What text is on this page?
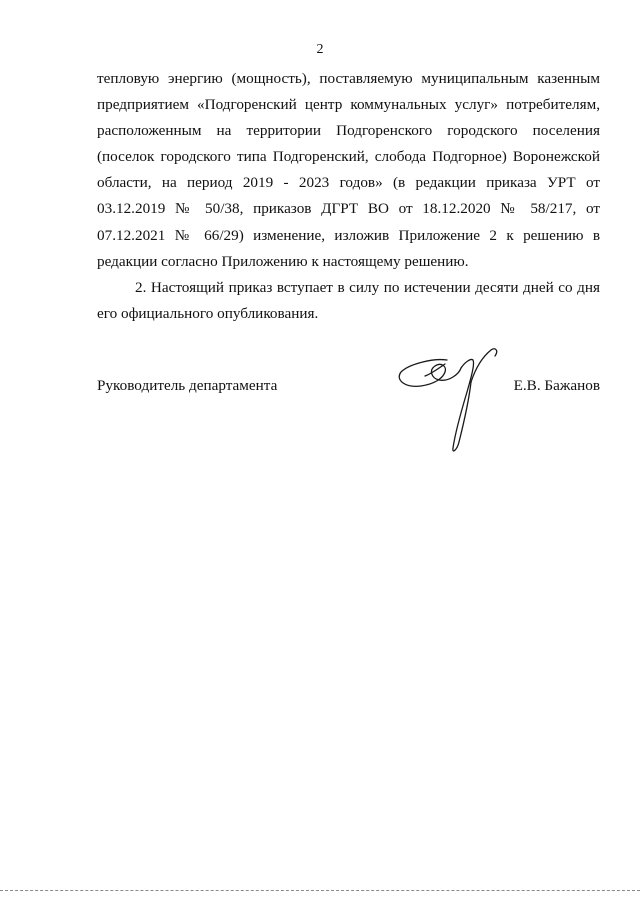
2

тепловую энергию (мощность), поставляемую муниципальным казенным предприятием «Подгоренский центр коммунальных услуг» потребителям, расположенным на территории Подгоренского городского поселения (поселок городского типа Подгоренский, слобода Подгорное) Воронежской области, на период 2019 - 2023 годов» (в редакции приказа УРТ от 03.12.2019 № 50/38, приказов ДГРТ ВО от 18.12.2020 № 58/217, от 07.12.2021 № 66/29) изменение, изложив Приложение 2 к решению в редакции согласно Приложению к настоящему решению.

2. Настоящий приказ вступает в силу по истечении десяти дней со дня его официального опубликования.

Руководитель департамента	Е.В. Бажанов
